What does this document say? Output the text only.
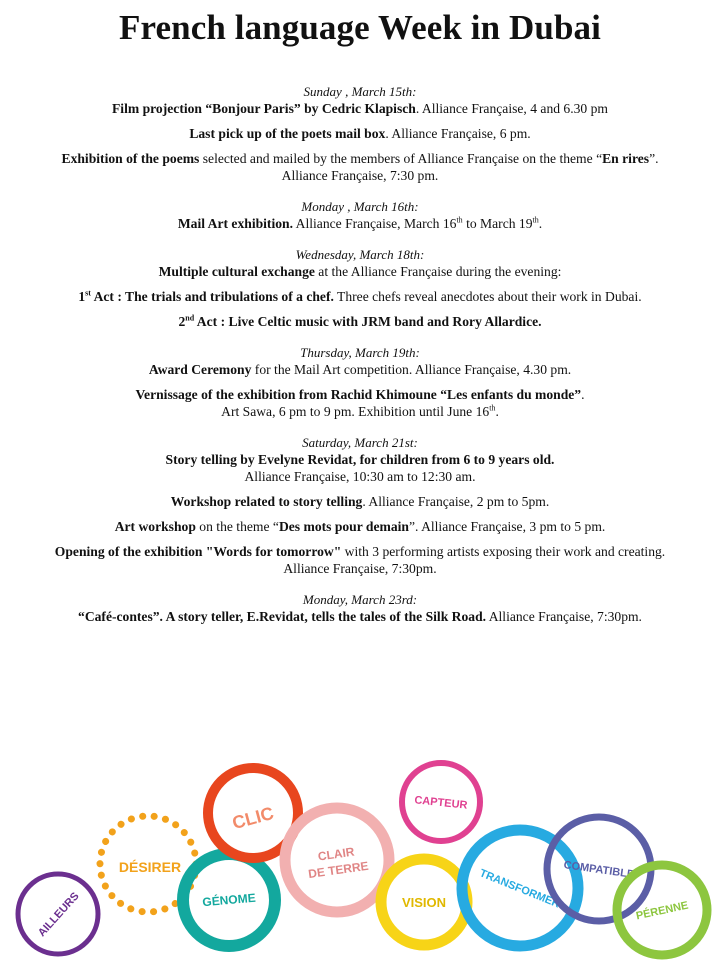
French language Week in Dubai
Sunday , March 15th:
Film projection “Bonjour Paris” by Cedric Klapisch. Alliance Française, 4 and 6.30 pm
Last pick up of the poets mail box. Alliance Française, 6 pm.
Exhibition of the poems selected and mailed by the members of Alliance Française on the theme “En rires”.
Alliance Française, 7:30 pm.
Monday , March 16th:
Mail Art exhibition. Alliance Française, March 16th to March 19th.
Wednesday, March 18th:
Multiple cultural exchange at the Alliance Française during the evening:
1st Act : The trials and tribulations of a chef. Three chefs reveal anecdotes about their work in Dubai.
2nd Act : Live Celtic music with JRM band and Rory Allardice.
Thursday, March 19th:
Award Ceremony for the Mail Art competition. Alliance Française, 4.30 pm.
Vernissage of the exhibition from Rachid Khimoune “Les enfants du monde”.
Art Sawa, 6 pm to 9 pm. Exhibition until June 16th.
Saturday, March 21st:
Story telling by Evelyne Revidat, for children from 6 to 9 years old.
Alliance Française, 10:30 am to 12:30 am.
Workshop related to story telling. Alliance Française, 2 pm to 5pm.
Art workshop on the theme “Des mots pour demain”. Alliance Française, 3 pm to 5 pm.
Opening of the exhibition "Words for tomorrow" with 3 performing artists exposing their work and creating.
Alliance Française, 7:30pm.
Monday, March 23rd:
“Café-contes”. A story teller, E.Revidat, tells the tales of the Silk Road. Alliance Française, 7:30pm.
AILLEURS
DÉSIRER
GÉNOME
CLIC
CLAIRDE TERRE
VISION
CAPTEUR
TRANSFORMER COMPATIBLE
PÉRENNE
